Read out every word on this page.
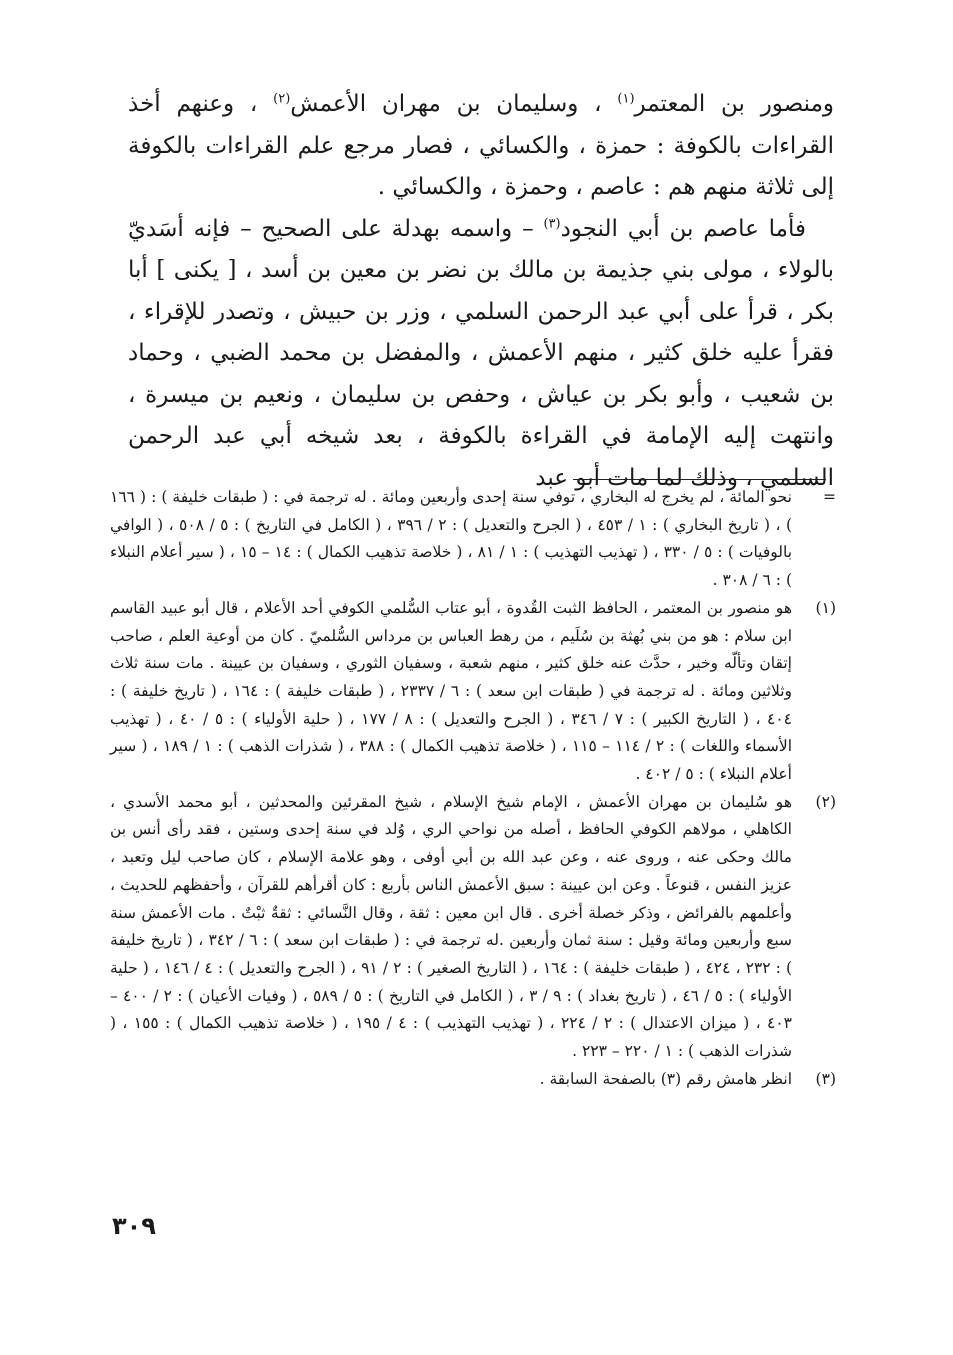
ومنصور بن المعتمر$^{(١)}$ ، وسليمان بن مهران الأعمش$^{(٢)}$ ، وعنهم أخذ القراءات بالكوفة : حمزة ، والكسائي ، فصار مرجع علم القراءات بالكوفة إلى ثلاثة منهم هم : عاصم ، وحمزة ، والكسائي .

فأما عاصم بن أبي النجود$^{(٣)}$ – واسمه بهدلة على الصحيح – فإنه أسَديّ بالولاء ، مولى بني جذيمة بن مالك بن نضر بن معين بن أسد ، [ يكنى ] أبا بكر ، قرأ على أبي عبد الرحمن السلمي ، وزر بن حبيش ، وتصدر للإقراء ، فقرأ عليه خلق كثير ، منهم الأعمش ، والمفضل بن محمد الضبي ، وحماد بن شعيب ، وأبو بكر بن عياش ، وحفص بن سليمان ، ونعيم بن ميسرة ، وانتهت إليه الإمامة في القراءة بالكوفة ، بعد شيخه أبي عبد الرحمن السلمي ، وذلك لما مات أبو عبد

=
نحو المائة ، لم يخرج له البخاري ، توفي سنة إحدى وأربعين ومائة . له ترجمة في : ( طبقات خليفة ) : ( ١٦٦ ) ، ( تاريخ البخاري ) : ١ / ٤٥٣ ، ( الجرح والتعديل ) : ٢ / ٣٩٦ ، ( الكامل في التاريخ ) : ٥ / ٥٠٨ ، ( الوافي بالوفيات ) : ٥ / ٣٣٠ ، ( تهذيب التهذيب ) : ١ / ٨١ ، ( خلاصة تذهيب الكمال ) : ١٤ – ١٥ ، ( سير أعلام النبلاء ) : ٦ / ٣٠٨ .
(١)
هو منصور بن المعتمر ، الحافظ الثبت القُدوة ، أبو عتاب السُّلمي الكوفي أحد الأعلام ، قال أبو عبيد القاسم ابن سلام : هو من بني بُهثة بن سُلَيم ، من رهط العباس بن مرداس السُّلميّ . كان من أوعية العلم ، صاحب إتقان وتألّه وخير ، حدَّث عنه خلق كثير ، منهم شعبة ، وسفيان الثوري ، وسفيان بن عيينة . مات سنة ثلاث وثلاثين ومائة . له ترجمة في ( طبقات ابن سعد ) : ٦ / ٢٣٣٧ ، ( طبقات خليفة ) : ١٦٤ ، ( تاريخ خليفة ) : ٤٠٤ ، ( التاريخ الكبير ) : ٧ / ٣٤٦ ، ( الجرح والتعديل ) : ٨ / ١٧٧ ، ( حلية الأولياء ) : ٥ / ٤٠ ، ( تهذيب الأسماء واللغات ) : ٢ / ١١٤ – ١١٥ ، ( خلاصة تذهيب الكمال ) : ٣٨٨ ، ( شذرات الذهب ) : ١ / ١٨٩ ، ( سير أعلام النبلاء ) : ٥ / ٤٠٢ .
(٢)
هو سُليمان بن مهران الأعمش ، الإمام شيخ الإسلام ، شيخ المقرئين والمحدثين ، أبو محمد الأسدي ، الكاهلي ، مولاهم الكوفي الحافظ ، أصله من نواحي الري ، وُلد في سنة إحدى وستين ، فقد رأى أنس بن مالك وحكى عنه ، وروى عنه ، وعن عبد الله بن أبي أوفى ، وهو علامة الإسلام ، كان صاحب ليل وتعبد ، عزيز النفس ، قنوعاً . وعن ابن عيينة : سبق الأعمش الناس بأربع : كان أقرأهم للقرآن ، وأحفظهم للحديث ، وأعلمهم بالفرائض ، وذكر خصلة أخرى . قال ابن معين : ثقة ، وقال النَّسائي : ثقةٌ ثبْتٌ . مات الأعمش سنة سبع وأربعين ومائة وقيل : سنة ثمان وأربعين .له ترجمة في : ( طبقات ابن سعد ) : ٦ / ٣٤٢ ، ( تاريخ خليفة ) : ٢٣٢ ، ٤٢٤ ، ( طبقات خليفة ) : ١٦٤ ، ( التاريخ الصغير ) : ٢ / ٩١ ، ( الجرح والتعديل ) : ٤ / ١٤٦ ، ( حلية الأولياء ) : ٥ / ٤٦ ، ( تاريخ بغداد ) : ٩ / ٣ ، ( الكامل في التاريخ ) : ٥ / ٥٨٩ ، ( وفيات الأعيان ) : ٢ / ٤٠٠ – ٤٠٣ ، ( ميزان الاعتدال ) : ٢ / ٢٢٤ ، ( تهذيب التهذيب ) : ٤ / ١٩٥ ، ( خلاصة تذهيب الكمال ) : ١٥٥ ، ( شذرات الذهب ) : ١ / ٢٢٠ – ٢٢٣ .
(٣)
انظر هامش رقم (٣) بالصفحة السابقة .
٣٠٩
